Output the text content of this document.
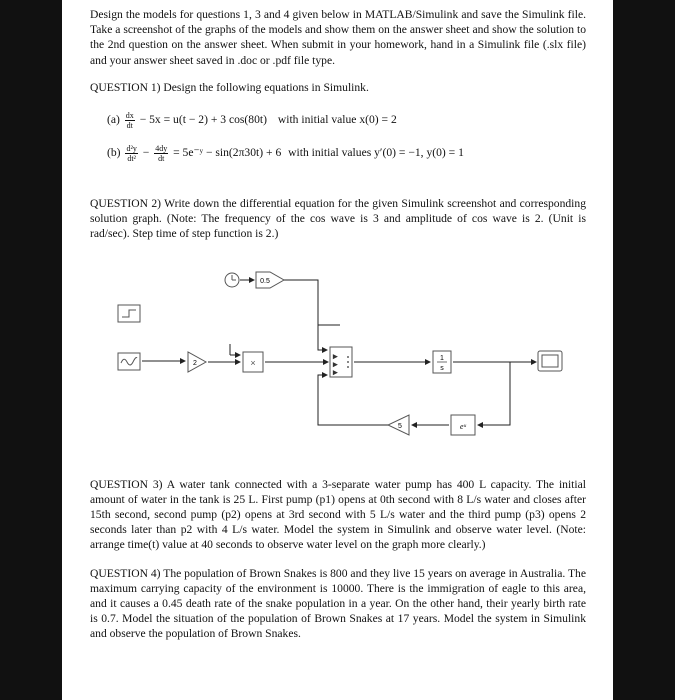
Design the models for questions 1, 3 and 4 given below in MATLAB/Simulink and save the Simulink file. Take a screenshot of the graphs of the models and show them on the answer sheet and show the solution to the 2nd question on the answer sheet. When submit in your homework, hand in a Simulink file (.slx file) and your answer sheet saved in .doc or .pdf file type.

QUESTION 1) Design the following equations in Simulink.

$(a) \frac{dx}{dt} - 5x = u(t - 2) + 3$ cos(80t) with initial value x(0) = 2
$(b) \frac{\text{d²y}}{\text{dt²}} - \frac{4dy}{dt}$ = 5e⁻ʸ − sin(2π30t) + 6 with initial values y′(0) = −1, y(0) = 1

QUESTION 2) Write down the differential equation for the given Simulink screenshot and corresponding solution graph. (Note: The frequency of the cos wave is 3 and amplitude of cos wave is 2. (Unit is rad/sec). Step time of step function is 2.)

0.5
2	×
▸
▸
▸
1
s
eᵘ
5

QUESTION 3) A water tank connected with a 3-separate water pump has 400 L capacity. The initial amount of water in the tank is 25 L. First pump (p1) opens at 0th second with 8 L/s water and closes after 15th second, second pump (p2) opens at 3rd second with 5 L/s water and the third pump (p3) opens 2 seconds later than p2 with 4 L/s water. Model the system in Simulink and observe water level. (Note: arrange time(t) value at 40 seconds to observe water level on the graph more clearly.)

QUESTION 4) The population of Brown Snakes is 800 and they live 15 years on average in Australia. The maximum carrying capacity of the environment is 10000. There is the immigration of eagle to this area, and it causes a 0.45 death rate of the snake population in a year. On the other hand, their yearly birth rate is 0.7. Model the situation of the population of Brown Snakes at 17 years. Model the system in Simulink and observe the population of Brown Snakes.
